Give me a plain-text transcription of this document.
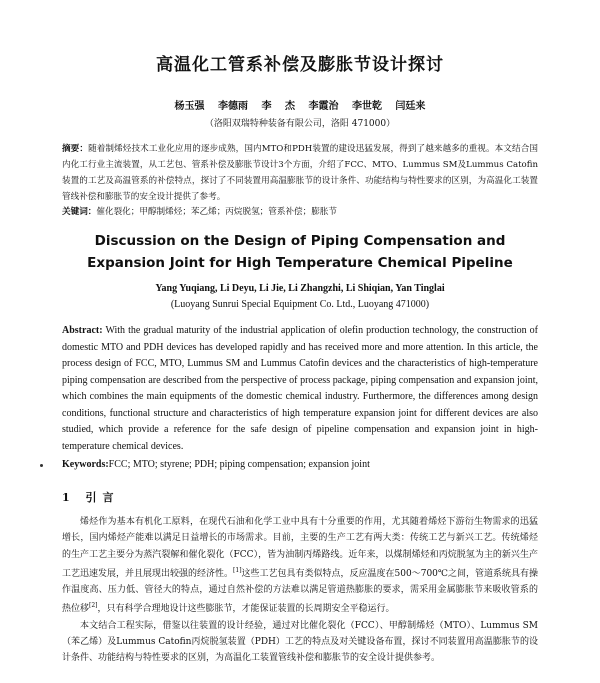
高温化工管系补偿及膨胀节设计探讨
杨玉强 李德雨 李 杰 李霞治 李世乾 闫廷来
（洛阳双瑞特种装备有限公司，洛阳 471000）
摘要：随着制烯烃技术工业化应用的逐步成熟，国内MTO和PDH装置的建设迅猛发展，得到了越来越多的重视。本文结合国内化工行业主流装置，从工艺包、管系补偿及膨胀节设计3个方面，介绍了FCC、MTO、Lummus SM及Lummus Catofin装置的工艺及高温管系的补偿特点，探讨了不同装置用高温膨胀节的设计条件、功能结构与特性要求的区别，为高温化工装置管线补偿和膨胀节的安全设计提供了参考。
关键词：催化裂化；甲醇制烯烃；苯乙烯；丙烷脱氢；管系补偿；膨胀节
Discussion on the Design of Piping Compensation and
Expansion Joint for High Temperature Chemical Pipeline
Yang Yuqiang, Li Deyu, Li Jie, Li Zhangzhi, Li Shiqian, Yan Tinglai
(Luoyang Sunrui Special Equipment Co. Ltd., Luoyang 471000)
Abstract: With the gradual maturity of the industrial application of olefin production technology, the construction of domestic MTO and PDH devices has developed rapidly and has received more and more attention. In this article, the process design of FCC, MTO, Lummus SM and Lummus Catofin devices and the characteristics of high-temperature piping compensation are described from the perspective of process package, piping compensation and expansion joint, which combines the main equipments of the domestic chemical industry. Furthermore, the differences among design conditions, functional structure and characteristics of high temperature expansion joint for different devices are also studied, which provide a reference for the safe design of pipeline compensation and expansion joint in high-temperature chemical devices.
Keywords:FCC; MTO; styrene; PDH; piping compensation; expansion joint
1 引言

烯烃作为基本有机化工原料，在现代石油和化学工业中具有十分重要的作用，尤其随着烯烃下游衍生物需求的迅猛增长，国内烯烃产能难以满足日益增长的市场需求。目前，主要的生产工艺有两大类：传统工艺与新兴工艺。传统烯烃的生产工艺主要分为蒸汽裂解和催化裂化（FCC），皆为油制丙烯路线。近年来，以煤制烯烃和丙烷脱氢为主的新兴生产工艺迅速发展，并且展现出较强的经济性。[1]这些工艺包具有类似特点，反应温度在500～700℃之间，管道系统具有操作温度高、压力低、管径大的特点，通过自然补偿的方法难以满足管道热膨胀的要求，需采用金属膨胀节来吸收管系的热位移[2]，只有科学合理地设计这些膨胀节，才能保证装置的长周期安全平稳运行。

本文结合工程实际，借鉴以往装置的设计经验，通过对比催化裂化（FCC）、甲醇制烯烃（MTO）、Lummus SM（苯乙烯）及Lummus Catofin丙烷脱氢装置（PDH）工艺的特点及对关键设备布置，探讨不同装置用高温膨胀节的设计条件、功能结构与特性要求的区别，为高温化工装置管线补偿和膨胀节的安全设计提供参考。
